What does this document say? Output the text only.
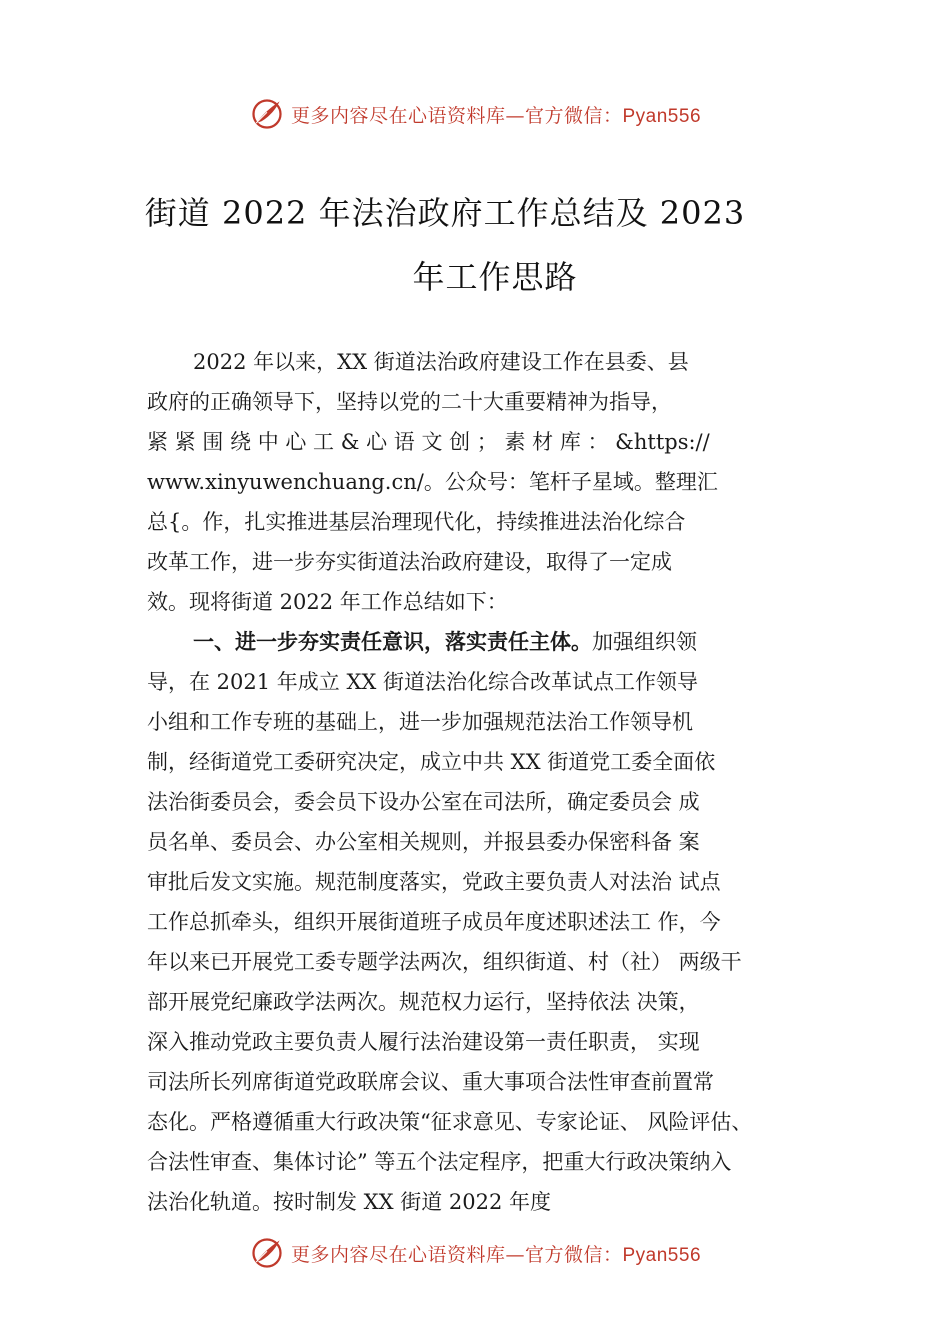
更多内容尽在心语资料库—官方微信：Pyan556
街道 2022 年法治政府工作总结及 2023
年工作思路
2022 年以来，XX 街道法治政府建设工作在县委、县
政府的正确领导下，坚持以党的二十大重要精神为指导，
紧 紧 围 绕 中 心 工 & 心 语 文 创 ； 素 材 库 ： &https://
www.xinyuwenchuang.cn/。公众号：笔杆子星域。整理汇
总{。作，扎实推进基层治理现代化，持续推进法治化综合
改革工作，进一步夯实街道法治政府建设，取得了一定成
效。现将街道 2022 年工作总结如下：
一、进一步夯实责任意识，落实责任主体。加强组织领
导，在 2021 年成立 XX 街道法治化综合改革试点工作领导
小组和工作专班的基础上，进一步加强规范法治工作领导机
制，经街道党工委研究决定，成立中共 XX 街道党工委全面依
法治街委员会，委会员下设办公室在司法所，确定委员会 成
员名单、委员会、办公室相关规则，并报县委办保密科备 案
审批后发文实施。规范制度落实，党政主要负责人对法治 试点
工作总抓牵头，组织开展街道班子成员年度述职述法工 作，今
年以来已开展党工委专题学法两次，组织街道、村（社） 两级干
部开展党纪廉政学法两次。规范权力运行，坚持依法 决策，
深入推动党政主要负责人履行法治建设第一责任职责， 实现
司法所长列席街道党政联席会议、重大事项合法性审查前置常
态化。严格遵循重大行政决策“征求意见、专家论证、 风险评估、
合法性审查、集体讨论” 等五个法定程序，把重大行政决策纳入
法治化轨道。按时制发 XX 街道 2022 年度
更多内容尽在心语资料库—官方微信：Pyan556
